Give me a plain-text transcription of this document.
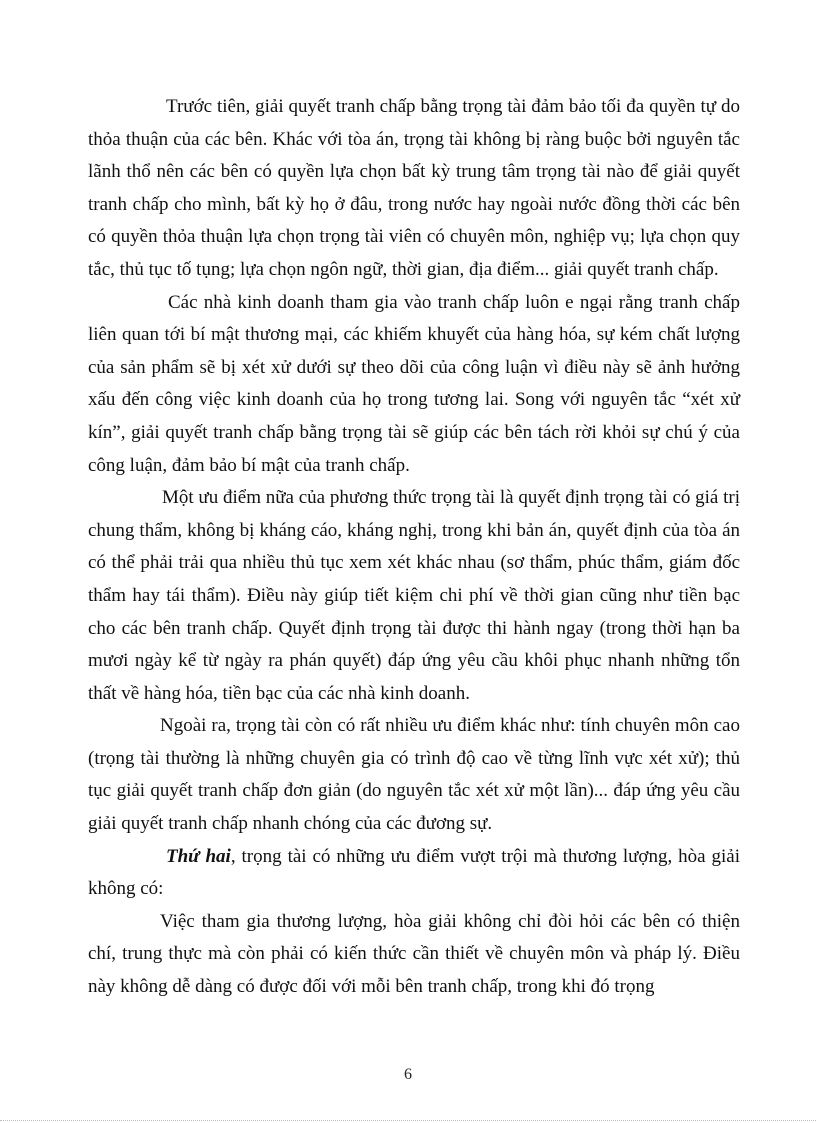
Trước tiên, giải quyết tranh chấp bằng trọng tài đảm bảo tối đa quyền tự do thỏa thuận của các bên. Khác với tòa án, trọng tài không bị ràng buộc bởi nguyên tắc lãnh thổ nên các bên có quyền lựa chọn bất kỳ trung tâm trọng tài nào để giải quyết tranh chấp cho mình, bất kỳ họ ở đâu, trong nước hay ngoài nước đồng thời các bên có quyền thỏa thuận lựa chọn trọng tài viên có chuyên môn, nghiệp vụ; lựa chọn quy tắc, thủ tục tố tụng; lựa chọn ngôn ngữ, thời gian, địa điểm... giải quyết tranh chấp.

Các nhà kinh doanh tham gia vào tranh chấp luôn e ngại rằng tranh chấp liên quan tới bí mật thương mại, các khiếm khuyết của hàng hóa, sự kém chất lượng của sản phẩm sẽ bị xét xử dưới sự theo dõi của công luận vì điều này sẽ ảnh hưởng xấu đến công việc kinh doanh của họ trong tương lai. Song với nguyên tắc “xét xử kín”, giải quyết tranh chấp bằng trọng tài sẽ giúp các bên tách rời khỏi sự chú ý của công luận, đảm bảo bí mật của tranh chấp.

Một ưu điểm nữa của phương thức trọng tài là quyết định trọng tài có giá trị chung thẩm, không bị kháng cáo, kháng nghị, trong khi bản án, quyết định của tòa án có thể phải trải qua nhiều thủ tục xem xét khác nhau (sơ thẩm, phúc thẩm, giám đốc thẩm hay tái thẩm). Điều này giúp tiết kiệm chi phí về thời gian cũng như tiền bạc cho các bên tranh chấp. Quyết định trọng tài được thi hành ngay (trong thời hạn ba mươi ngày kể từ ngày ra phán quyết) đáp ứng yêu cầu khôi phục nhanh những tổn thất về hàng hóa, tiền bạc của các nhà kinh doanh.

Ngoài ra, trọng tài còn có rất nhiều ưu điểm khác như: tính chuyên môn cao (trọng tài thường là những chuyên gia có trình độ cao về từng lĩnh vực xét xử); thủ tục giải quyết tranh chấp đơn giản (do nguyên tắc xét xử một lần)... đáp ứng yêu cầu giải quyết tranh chấp nhanh chóng của các đương sự.

Thứ hai, trọng tài có những ưu điểm vượt trội mà thương lượng, hòa giải không có:

Việc tham gia thương lượng, hòa giải không chỉ đòi hỏi các bên có thiện chí, trung thực mà còn phải có kiến thức cần thiết về chuyên môn và pháp lý. Điều này không dễ dàng có được đối với mỗi bên tranh chấp, trong khi đó trọng

6
